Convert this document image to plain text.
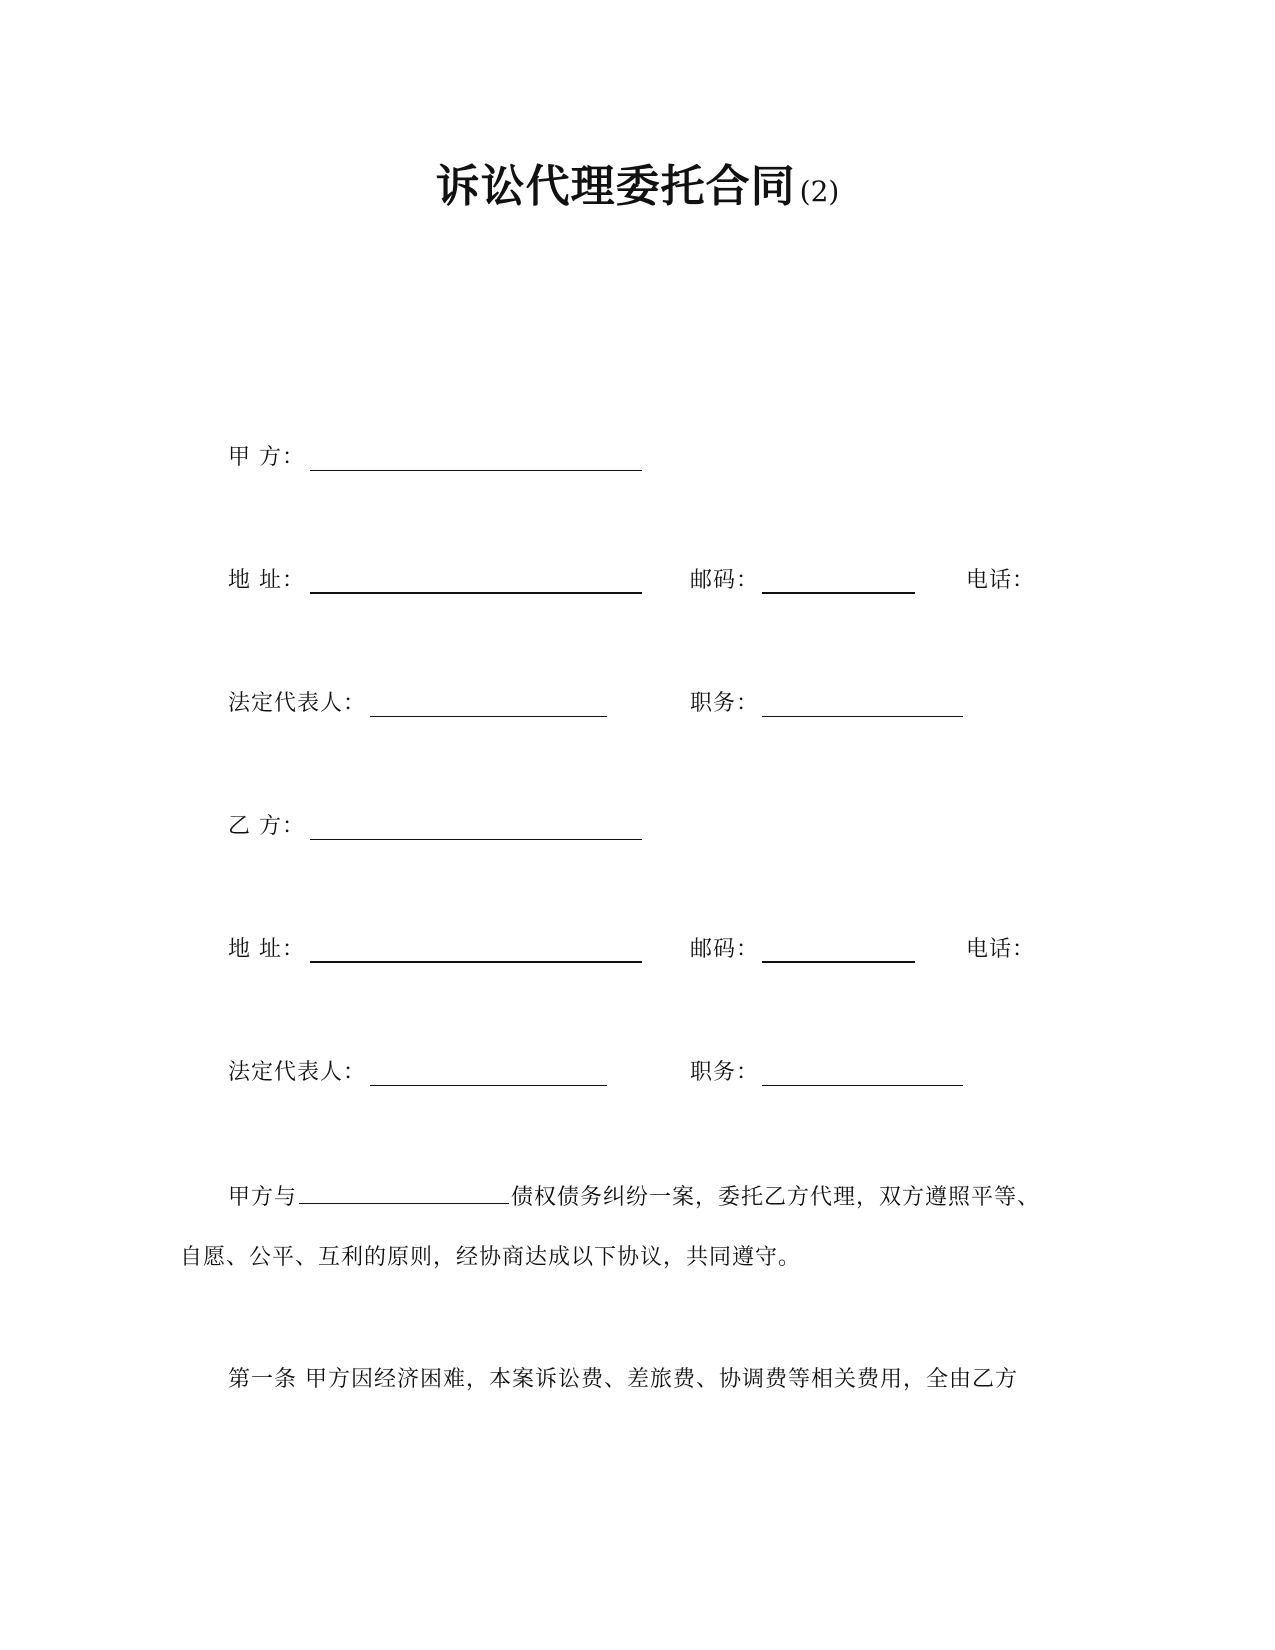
诉讼代理委托合同 (2)
甲 方：
地 址：	邮码：	电话：
法定代表人：	职务：
乙 方：
地 址：	邮码：	电话：
法定代表人：	职务：
甲方与	债权债务纠纷一案，委托乙方代理，双方遵照平等、
自愿、公平、互利的原则，经协商达成以下协议，共同遵守。
第一条 甲方因经济困难，本案诉讼费、差旅费、协调费等相关费用，全由乙方
